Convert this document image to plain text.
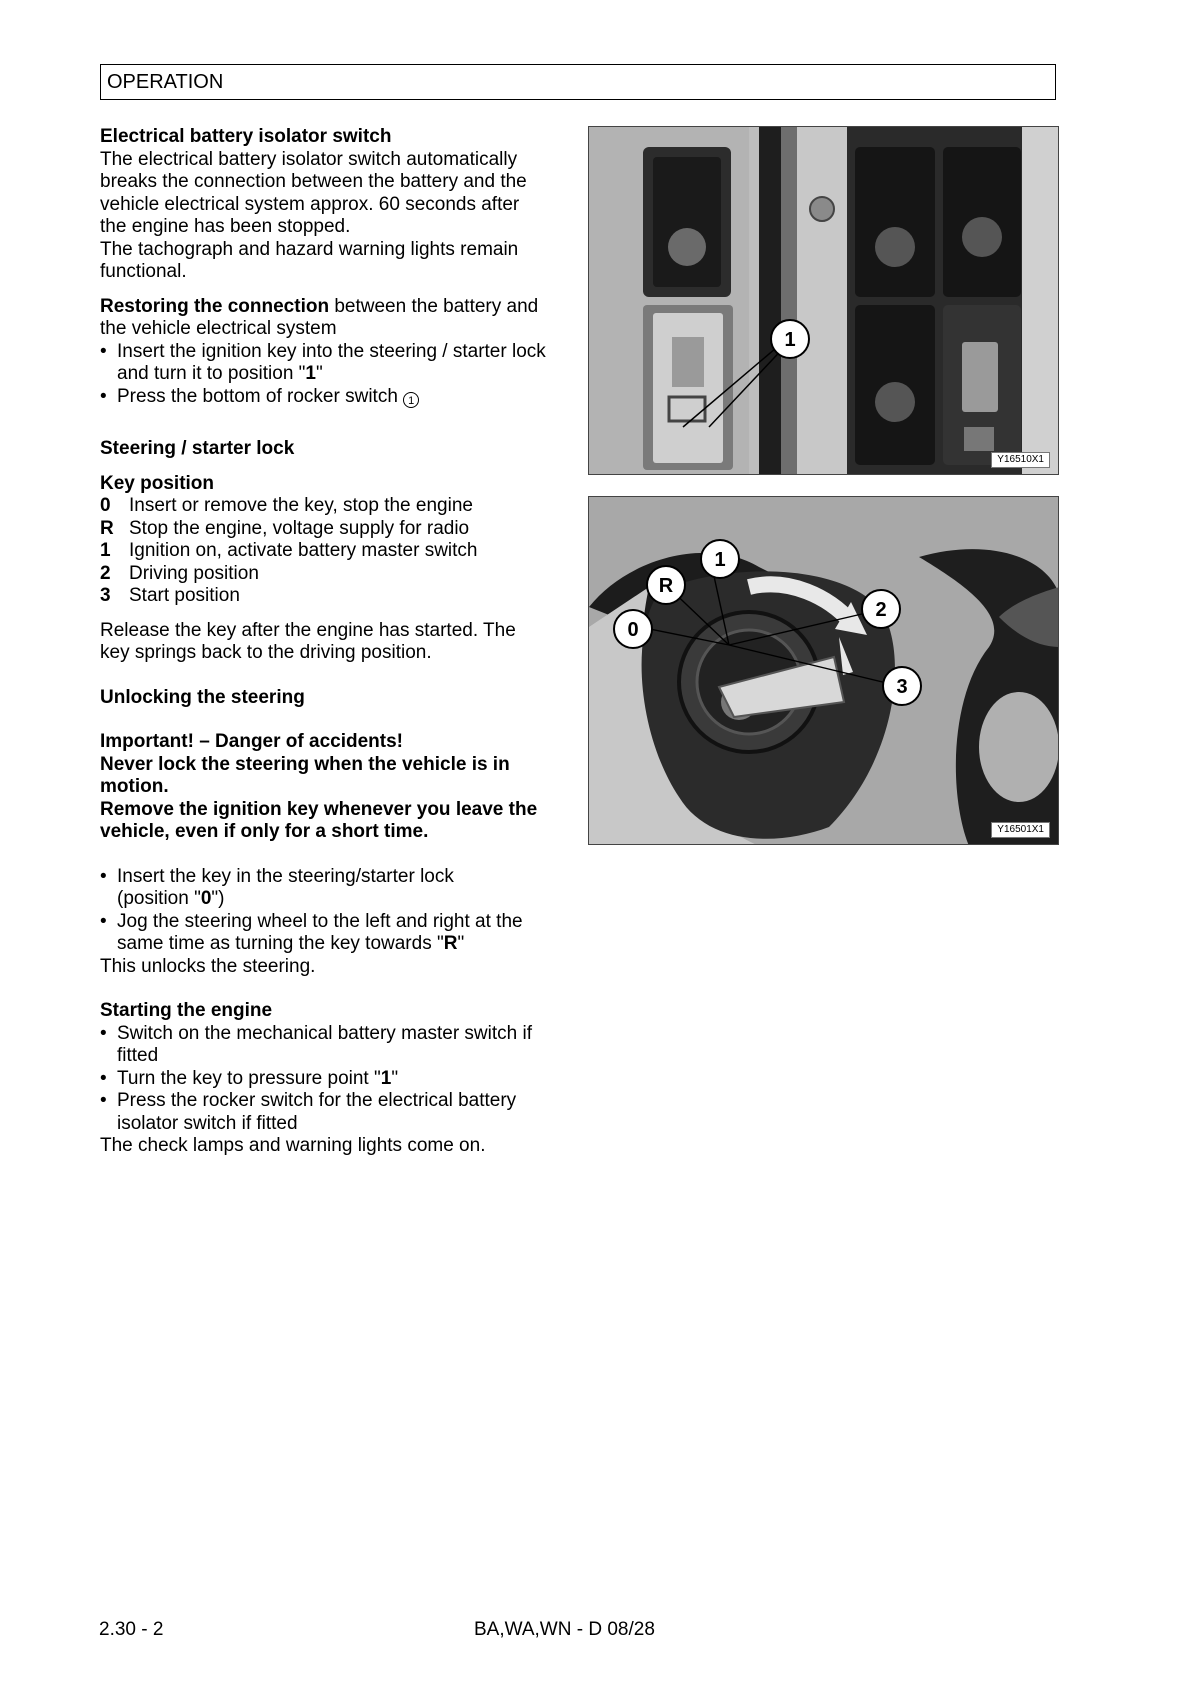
OPERATION

Electrical battery isolator switch

The electrical battery isolator switch automatically

breaks the connection between the battery and the

vehicle electrical system approx. 60 seconds after

the engine has been stopped.

The tachograph and hazard warning lights remain

functional.

Restoring the connection between the battery and

the vehicle electrical system

• Insert the ignition key into the steering / starter lock

and turn it to position "1"

• Press the bottom of rocker switch 1

Steering / starter lock

Key position

0 Insert or remove the key, stop the engine
R Stop the engine, voltage supply for radio
1 Ignition on, activate battery master switch
2 Driving position
3 Start position

Release the key after the engine has started. The

key springs back to the driving position.

Unlocking the steering

Important! – Danger of accidents!

Never lock the steering when the vehicle is in

motion.

Remove the ignition key whenever you leave the

vehicle, even if only for a short time.

• Insert the key in the steering/starter lock

(position "0")

• Jog the steering wheel to the left and right at the

same time as turning the key towards "R"

This unlocks the steering.

Starting the engine

• Switch on the mechanical battery master switch if

fitted

• Turn the key to pressure point "1"

• Press the rocker switch for the electrical battery

isolator switch if fitted

The check lamps and warning lights come on.

1
Y16510X1
1
R
0
2
3
Y16501X1
2.30 - 2	BA,WA,WN - D 08/28
